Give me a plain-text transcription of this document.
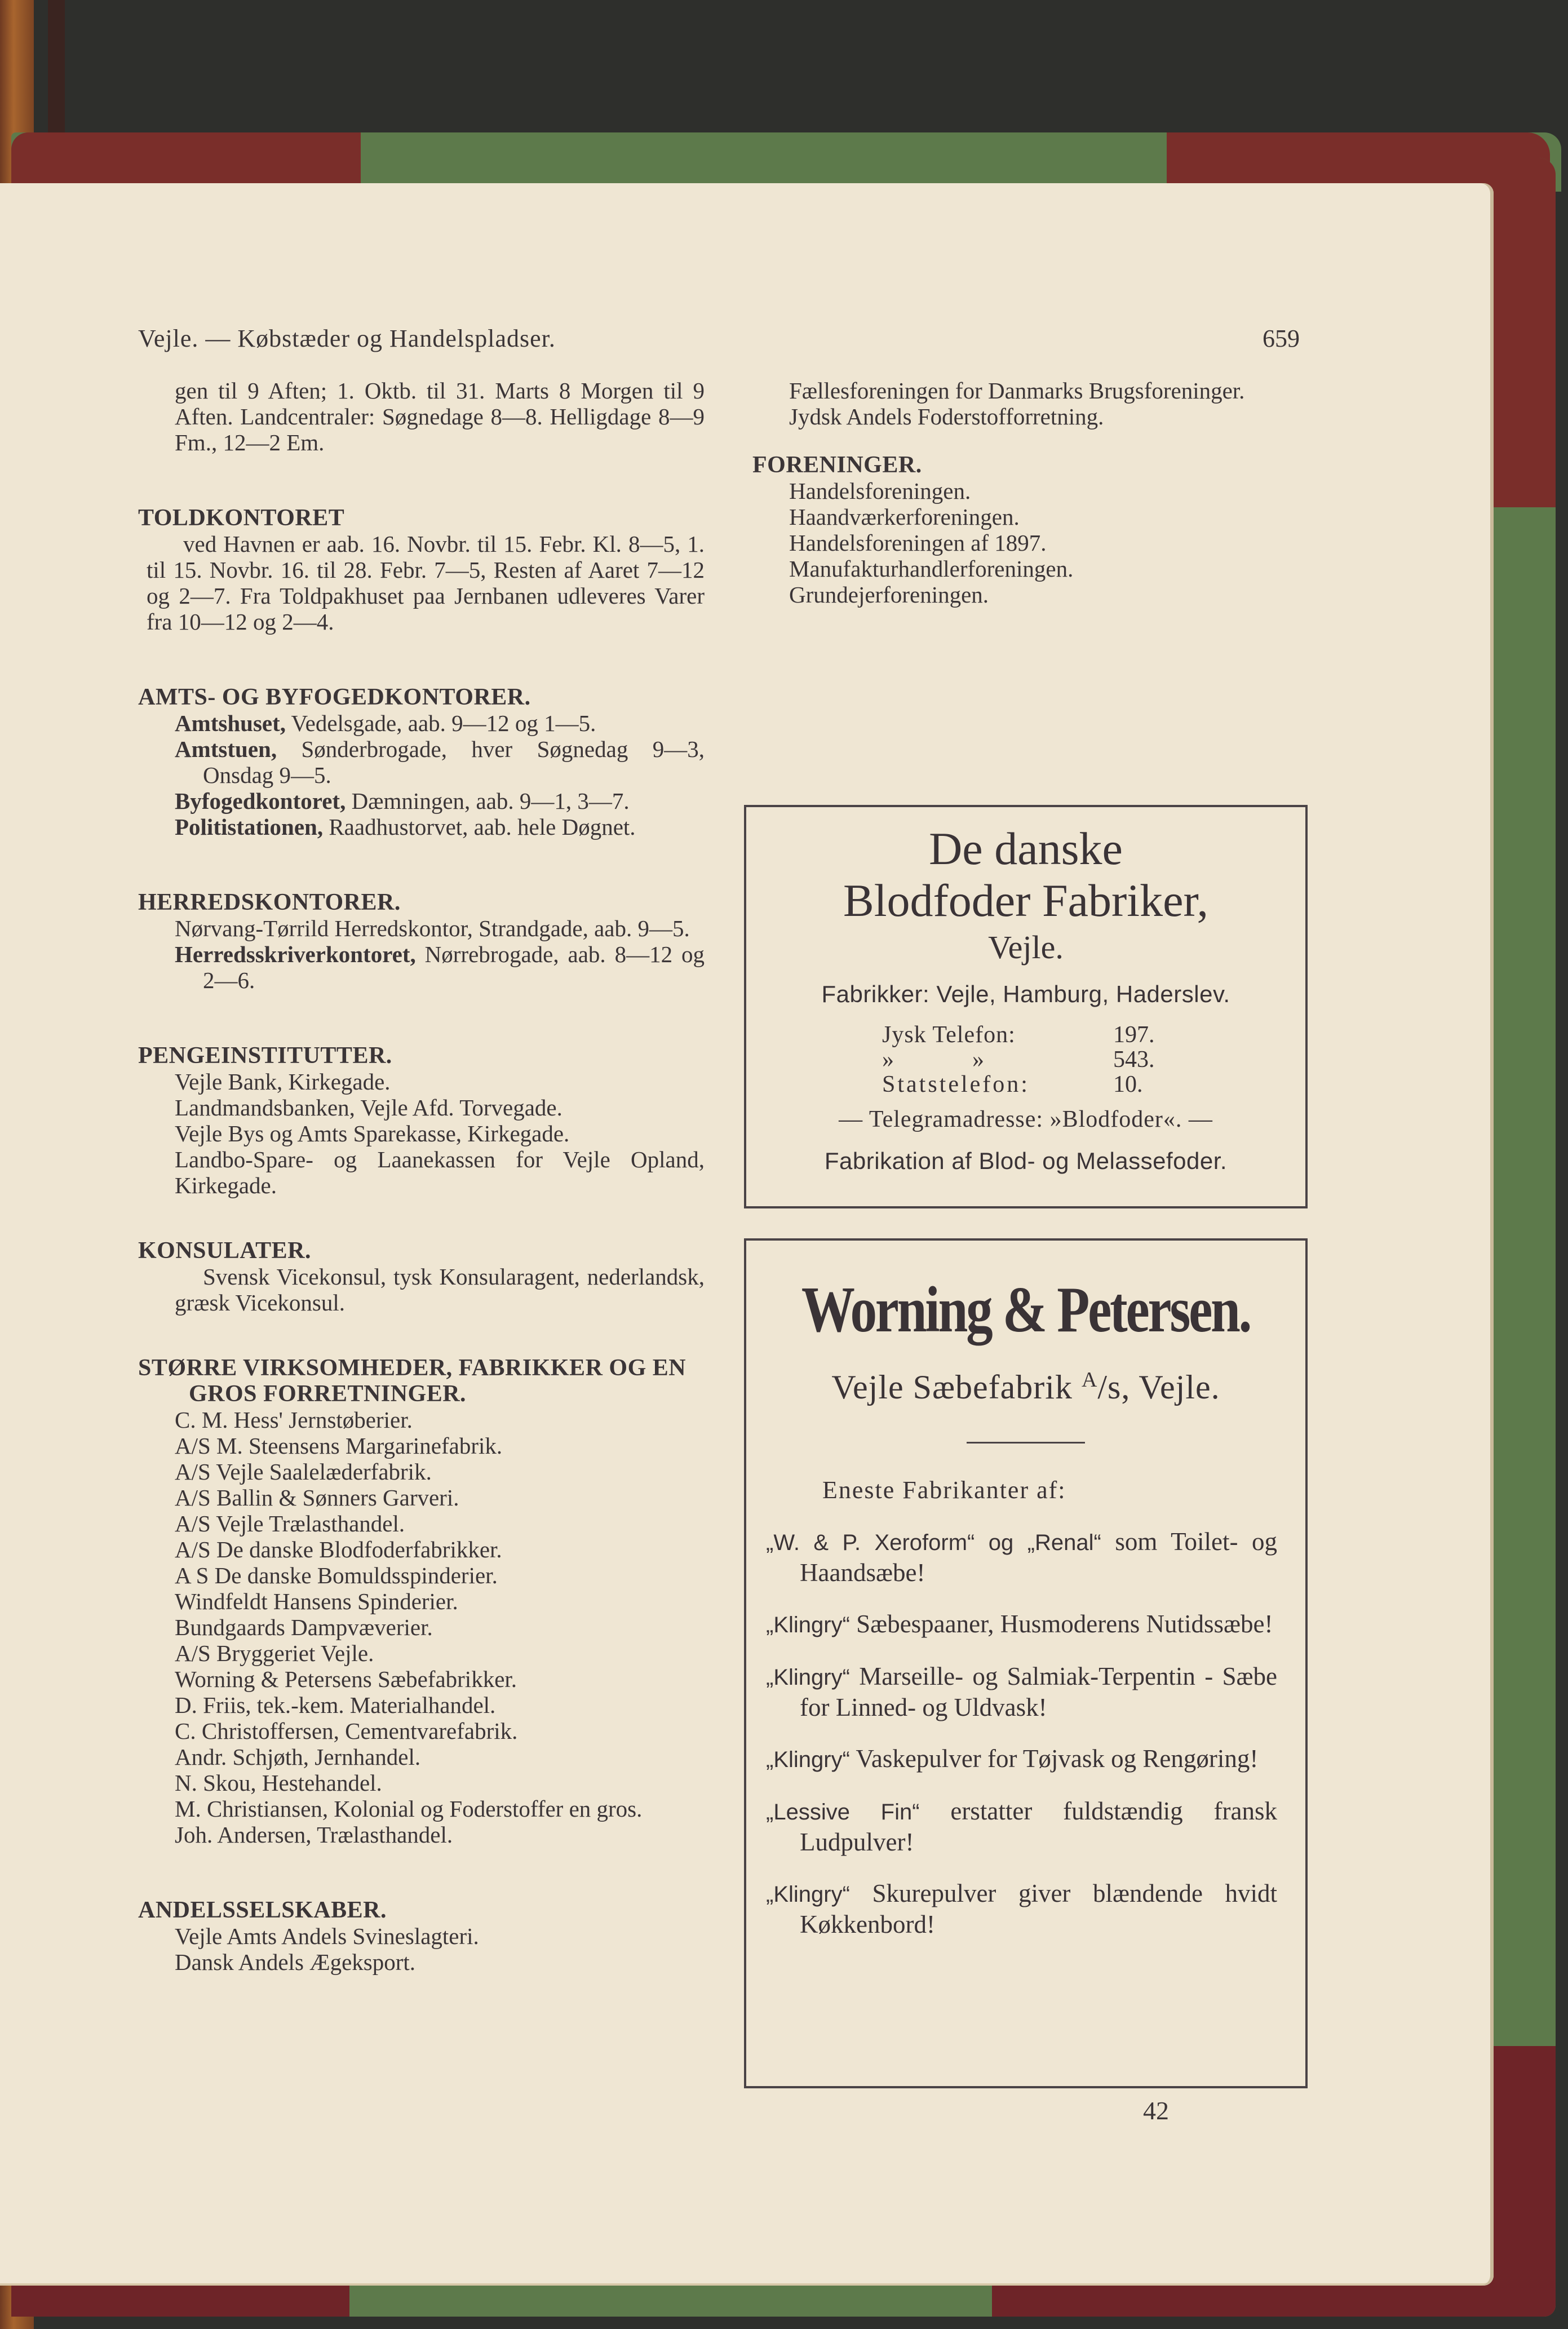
Vejle. — Købstæder og Handelspladser.	659

gen til 9 Aften; 1. Oktb. til 31. Marts 8 Morgen til 9 Aften. Landcentraler: Søgnedage 8—8. Helligdage 8—9 Fm., 12—2 Em.

TOLDKONTORET

ved Havnen er aab. 16. Novbr. til 15. Febr. Kl. 8—5, 1. til 15. Novbr. 16. til 28. Febr. 7—5, Resten af Aaret 7—12 og 2—7. Fra Toldpakhuset paa Jernbanen udleveres Varer fra 10—12 og 2—4.

AMTS- OG BYFOGEDKONTORER.

Amtshuset, Vedelsgade, aab. 9—12 og 1—5.

Amtstuen, Sønderbrogade, hver Søgnedag 9—3, Onsdag 9—5.

Byfogedkontoret, Dæmningen, aab. 9—1, 3—7.

Politistationen, Raadhustorvet, aab. hele Døgnet.

HERREDSKONTORER.

Nørvang-Tørrild Herredskontor, Strandgade, aab. 9—5.

Herredsskriverkontoret, Nørrebrogade, aab. 8—12 og 2—6.

PENGEINSTITUTTER.

Vejle Bank, Kirkegade.

Landmandsbanken, Vejle Afd. Torvegade.

Vejle Bys og Amts Sparekasse, Kirkegade.

Landbo-Spare- og Laanekassen for Vejle Opland, Kirkegade.

KONSULATER.

Svensk Vicekonsul, tysk Konsularagent, nederlandsk, græsk Vicekonsul.

STØRRE VIRKSOMHEDER, FABRIKKER OG EN GROS FORRETNINGER.

C. M. Hess' Jernstøberier.

A/S M. Steensens Margarinefabrik.

A/S Vejle Saalelæderfabrik.

A/S Ballin & Sønners Garveri.

A/S Vejle Trælasthandel.

A/S De danske Blodfoderfabrikker.

A S De danske Bomuldsspinderier.

Windfeldt Hansens Spinderier.

Bundgaards Dampvæverier.

A/S Bryggeriet Vejle.

Worning & Petersens Sæbefabrikker.

D. Friis, tek.-kem. Materialhandel.

C. Christoffersen, Cementvarefabrik.

Andr. Schjøth, Jernhandel.

N. Skou, Hestehandel.

M. Christiansen, Kolonial og Foderstoffer en gros.

Joh. Andersen, Trælasthandel.

ANDELSSELSKABER.

Vejle Amts Andels Svineslagteri.

Dansk Andels Ægeksport.

Fællesforeningen for Danmarks Brugsforeninger.

Jydsk Andels Foderstofforretning.

FORENINGER.

Handelsforeningen.

Haandværkerforeningen.

Handelsforeningen af 1897.

Manufakturhandlerforeningen.

Grundejerforeningen.

De danske
Blodfoder Fabriker,
Vejle.
Fabrikker: Vejle, Hamburg, Haderslev.
Jysk Telefon:	197.
»            »	543.
Statstelefon:	10.
— Telegramadresse: »Blodfoder«. —
Fabrikation af Blod- og Melassefoder.
Worning & Petersen.
Vejle Sæbefabrik $^A$/s, Vejle.
Eneste Fabrikanter af:
„W. & P. Xeroform“ og „Renal“ som Toilet- og Haandsæbe!
„Klingry“ Sæbespaaner, Husmoderens Nutidssæbe!
„Klingry“ Marseille- og Salmiak-Terpentin - Sæbe for Linned- og Uldvask!
„Klingry“ Vaskepulver for Tøjvask og Rengøring!
„Lessive Fin“ erstatter fuldstændig fransk Ludpulver!
„Klingry“ Skurepulver giver blændende hvidt Køkkenbord!
42
